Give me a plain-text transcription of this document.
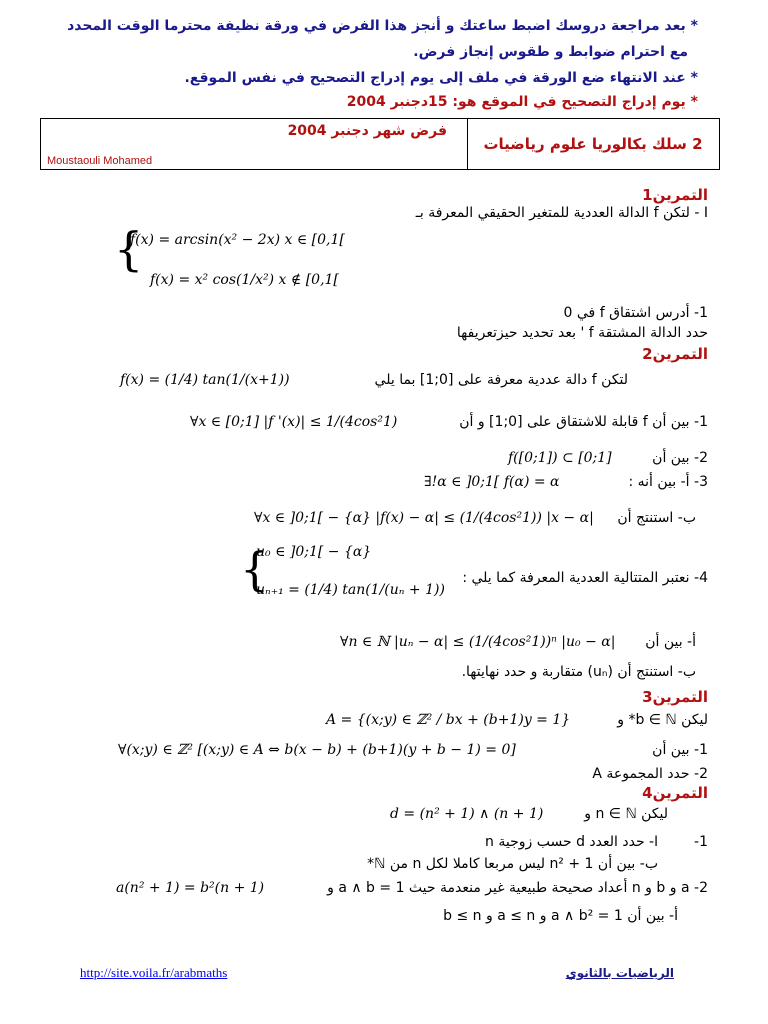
* بعد مراجعة دروسك اضبط ساعتك و أنجز هذا الفرض في ورقة نظيفة محترما الوقت المحدد
مع احترام ضوابط و طقوس إنجاز فرض.
* عند الانتهاء ضع الورقة في ملف إلى يوم إدراج التصحيح في نفس الموقع.
* يوم إدراج التصحيح في الموقع هو: 15دجنبر 2004
فرض شهر دجنبر 2004
Moustaouli Mohamed
2 سلك بكالوريا علوم رياضيات
التمرين1
I - لتكن f الدالة العددية للمتغير الحقيقي المعرفة بـ
{
f(x) = arcsin(x² − 2x) x ∈ [0,1[
f(x) = x² cos(1/x²) x ∉ [0,1[
1- أدرس اشتقاق f في 0
حدد الدالة المشتقة f ' بعد تحديد حيزتعريفها
التمرين2
لتكن f دالة عددية معرفة على [0;1] بما يلي
f(x) = (1/4) tan(1/(x+1))
1- بين أن f قابلة للاشتقاق على [0;1] و أن
∀x ∈ [0;1] |f '(x)| ≤ 1/(4cos²1)
2- بين أن
f([0;1]) ⊂ [0;1]
3- أ- بين أنه :
∃!α ∈ ]0;1[ f(α) = α
ب- استنتج أن
∀x ∈ ]0;1[ − {α} |f(x) − α| ≤ (1/(4cos²1)) |x − α|
4- نعتبر المتتالية العددية المعرفة كما يلي :
{
u₀ ∈ ]0;1[ − {α}
uₙ₊₁ = (1/4) tan(1/(uₙ + 1))
أ- بين أن
∀n ∈ ℕ |uₙ − α| ≤ (1/(4cos²1))ⁿ |u₀ − α|
ب- استنتج أن (uₙ) متقاربة و حدد نهايتها.
التمرين3
ليكن b ∈ ℕ* و
A = {(x;y) ∈ ℤ² / bx + (b+1)y = 1}
1- بين أن
∀(x;y) ∈ ℤ² [(x;y) ∈ A ⇔ b(x − b) + (b+1)(y + b − 1) = 0]
2- حدد المجموعة A
التمرين4
ليكن n ∈ ℕ و
d = (n² + 1) ∧ (n + 1)
1-
ا- حدد العدد d حسب زوجية n
ب- بين أن n² + 1 ليس مربعا كاملا لكل n من ℕ*
2- a و b و n أعداد صحيحة طبيعية غير منعدمة حيث a ∧ b = 1 و
a(n² + 1) = b²(n + 1)
أ- بين أن a ∧ b² = 1 و a ≤ n و b ≤ n
http://site.voila.fr/arabmaths	الرياضيات بالثانوي
